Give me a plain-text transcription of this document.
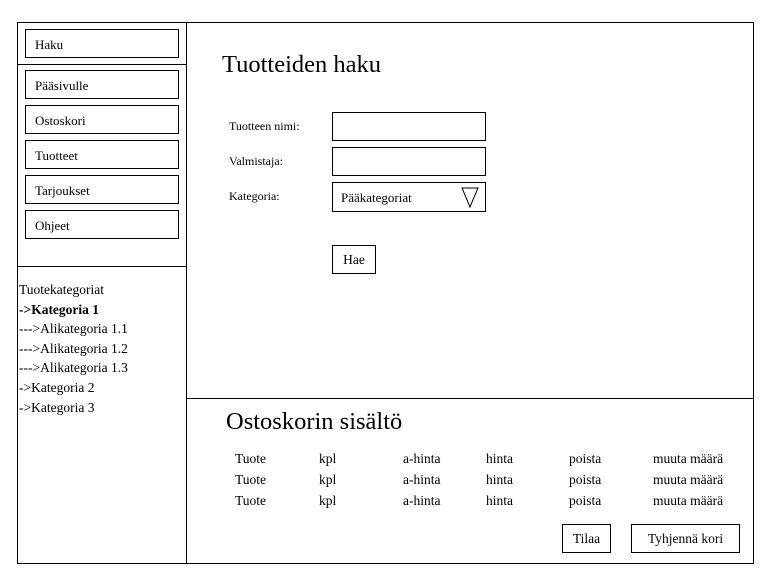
Haku
Pääsivulle
Ostoskori
Tuotteet
Tarjoukset
Ohjeet
Tuotekategoriat
->Kategoria 1
--->Alikategoria 1.1
--->Alikategoria 1.2
--->Alikategoria 1.3
->Kategoria 2
->Kategoria 3
Tuotteiden haku
Tuotteen nimi:
Valmistaja:
Kategoria:	Pääkategoriat
Hae
Ostoskorin sisältö
Tuote	kpl	a-hinta	hinta	poista	muuta määrä
Tuote	kpl	a-hinta	hinta	poista	muuta määrä
Tuote	kpl	a-hinta	hinta	poista	muuta määrä
Tilaa	Tyhjennä kori
